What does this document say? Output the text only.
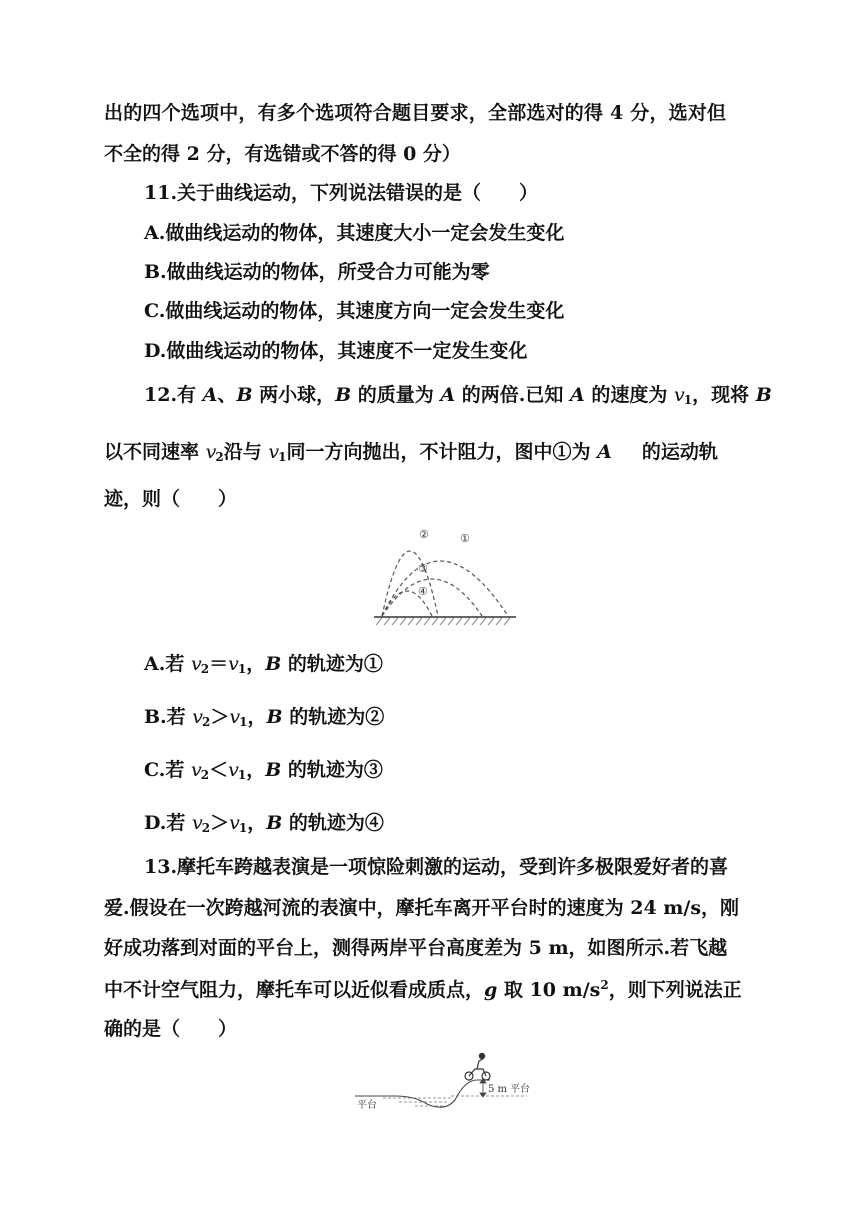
出的四个选项中，有多个选项符合题目要求，全部选对的得 4 分，选对但
不全的得 2 分，有选错或不答的得 0 分）
11.关于曲线运动，下列说法错误的是（　　）
A.做曲线运动的物体，其速度大小一定会发生变化
B.做曲线运动的物体，所受合力可能为零
C.做曲线运动的物体，其速度方向一定会发生变化
D.做曲线运动的物体，其速度不一定发生变化
12.有 A、B 两小球，B 的质量为 A 的两倍.已知 A 的速度为 $v_1$，现将 B
以不同速率 $v_2$沿与 $v_1$同一方向抛出，不计阻力，图中①为 A 的运动轨
迹，则（　　）
②	①
③
④
A.若 $v_2=v_1$，B 的轨迹为①
B.若 $v_2>v_1$，B 的轨迹为②
C.若 $v_2<v_1$，B 的轨迹为③
D.若 $v_2>v_1$，B 的轨迹为④
13.摩托车跨越表演是一项惊险刺激的运动，受到许多极限爱好者的喜
爱.假设在一次跨越河流的表演中，摩托车离开平台时的速度为 24 m/s，刚
好成功落到对面的平台上，测得两岸平台高度差为 5 m，如图所示.若飞越
中不计空气阻力，摩托车可以近似看成质点，g 取 10 $m/s^2$，则下列说法正
确的是（　　）
5 m 平台
平台
